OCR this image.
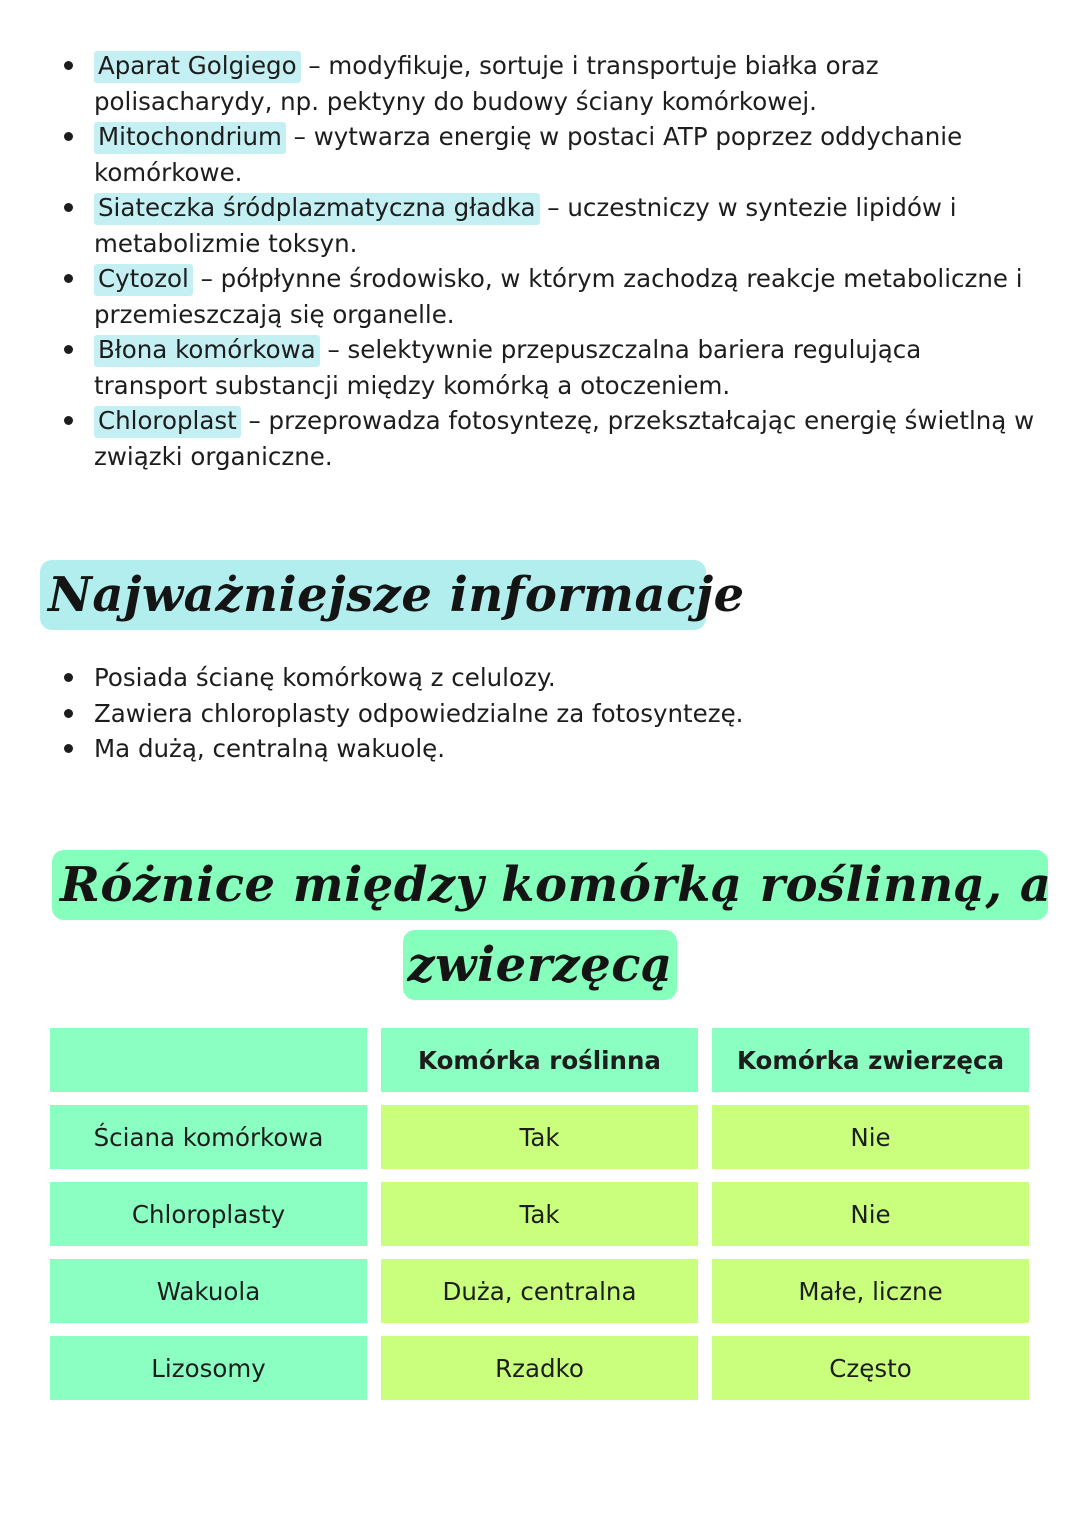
Aparat Golgiego – modyfikuje, sortuje i transportuje białka oraz polisacharydy, np. pektyny do budowy ściany komórkowej.
Mitochondrium – wytwarza energię w postaci ATP poprzez oddychanie komórkowe.
Siateczka śródplazmatyczna gładka – uczestniczy w syntezie lipidów i metabolizmie toksyn.
Cytozol – półpłynne środowisko, w którym zachodzą reakcje metaboliczne i przemieszczają się organelle.
Błona komórkowa – selektywnie przepuszczalna bariera regulująca transport substancji między komórką a otoczeniem.
Chloroplast – przeprowadza fotosyntezę, przekształcając energię świetlną w związki organiczne.
Najważniejsze informacje
Posiada ścianę komórkową z celulozy.
Zawiera chloroplasty odpowiedzialne za fotosyntezę.
Ma dużą, centralną wakuolę.
Różnice między komórką roślinną, a
zwierzęcą
	Komórka roślinna	Komórka zwierzęca
Ściana komórkowa	Tak	Nie
Chloroplasty	Tak	Nie
Wakuola	Duża, centralna	Małe, liczne
Lizosomy	Rzadko	Często
